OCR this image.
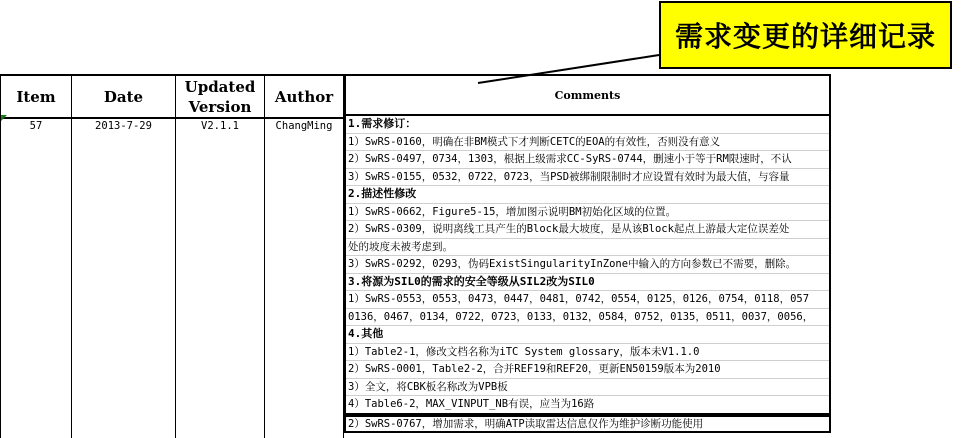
需求变更的详细记录
Item
57
Date
2013-7-29
Updated Version
V2.1.1
Author
ChangMing
Comments
1.需求修订：
1）SwRS-0160，明确在非BM模式下才判断CETC的EOA的有效性，否则没有意义
2）SwRS-0497，0734，1303，根据上级需求CC-SyRS-0744，删速小于等于RM限速时，不认
3）SwRS-0155，0532，0722，0723，当PSD被绑制限制时才应设置有效时为最大值，与容量
2.描述性修改
1）SwRS-0662，Figure5-15，增加图示说明BM初始化区域的位置。
2）SwRS-0309，说明离线工具产生的Block最大坡度，是从该Block起点上游最大定位误差处
处的坡度未被考虑到。
3）SwRS-0292，0293，伪码ExistSingularityInZone中输入的方向参数已不需要，删除。
3.将源为SIL0的需求的安全等级从SIL2改为SIL0
1）SwRS-0553，0553，0473，0447，0481，0742，0554，0125，0126，0754，0118，057
0136，0467，0134，0722，0723，0133，0132，0584，0752，0135，0511，0037，0056，
4.其他
1）Table2-1，修改文档名称为iTC System glossary，版本未V1.1.0
2）SwRS-0001，Table2-2，合并REF19和REF20，更新EN50159版本为2010
3）全文，将CBK板名称改为VPB板
4）Table6-2，MAX_VINPUT_NB有误，应当为16路
2）SwRS-0767，增加需求，明确ATP读取雷达信息仅作为维护诊断功能使用
